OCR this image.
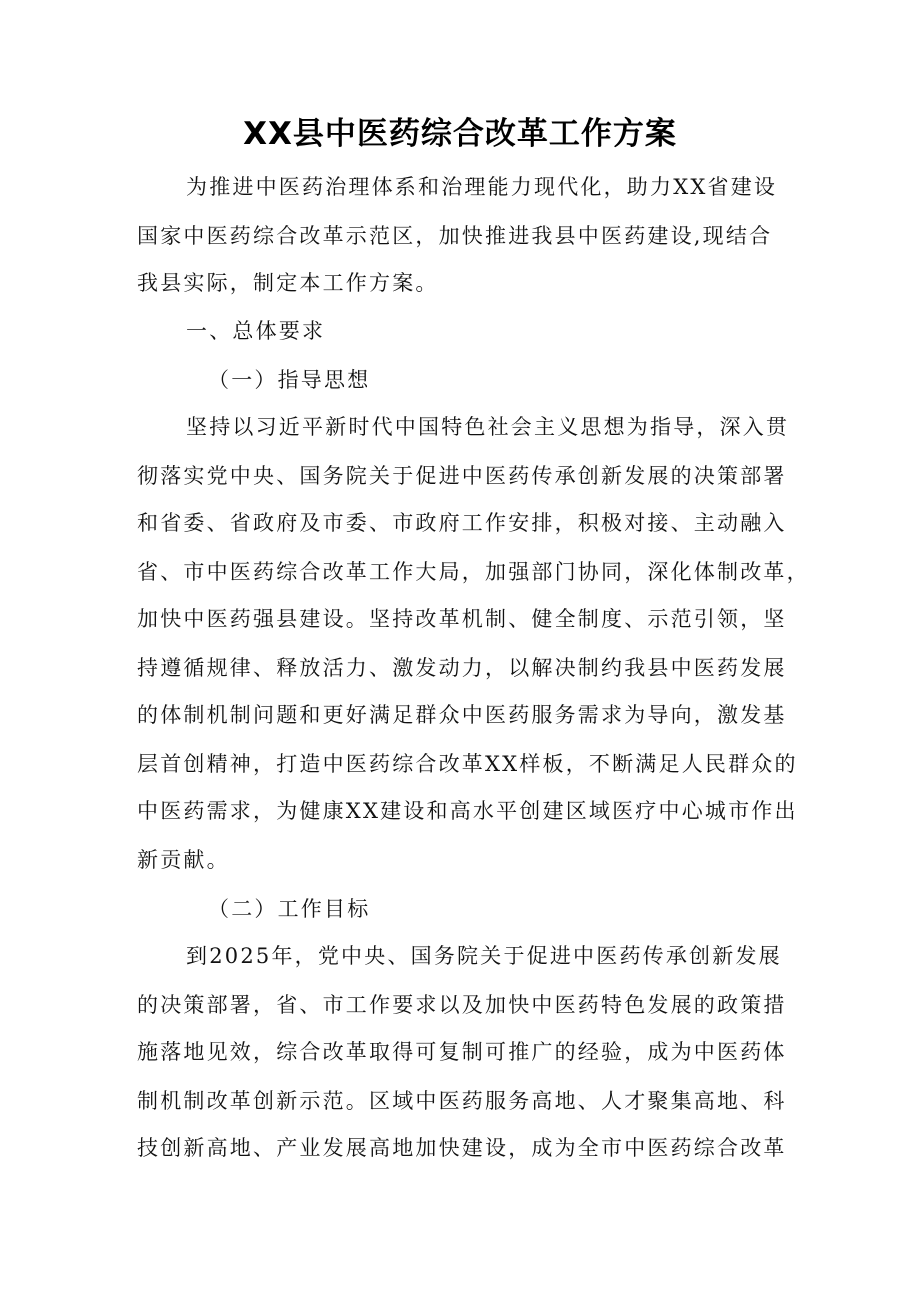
XX县中医药综合改革工作方案
为推进中医药治理体系和治理能力现代化，助力XX省建设
国家中医药综合改革示范区，加快推进我县中医药建设,现结合
我县实际，制定本工作方案。
一、总体要求
（一）指导思想
坚持以习近平新时代中国特色社会主义思想为指导，深入贯
彻落实党中央、国务院关于促进中医药传承创新发展的决策部署
和省委、省政府及市委、市政府工作安排，积极对接、主动融入
省、市中医药综合改革工作大局，加强部门协同，深化体制改革，
加快中医药强县建设。坚持改革机制、健全制度、示范引领，坚
持遵循规律、释放活力、激发动力，以解决制约我县中医药发展
的体制机制问题和更好满足群众中医药服务需求为导向，激发基
层首创精神，打造中医药综合改革XX样板，不断满足人民群众的
中医药需求，为健康XX建设和高水平创建区域医疗中心城市作出
新贡献。
（二）工作目标
到2025年，党中央、国务院关于促进中医药传承创新发展
的决策部署，省、市工作要求以及加快中医药特色发展的政策措
施落地见效，综合改革取得可复制可推广的经验，成为中医药体
制机制改革创新示范。区域中医药服务高地、人才聚集高地、科
技创新高地、产业发展高地加快建设，成为全市中医药综合改革
